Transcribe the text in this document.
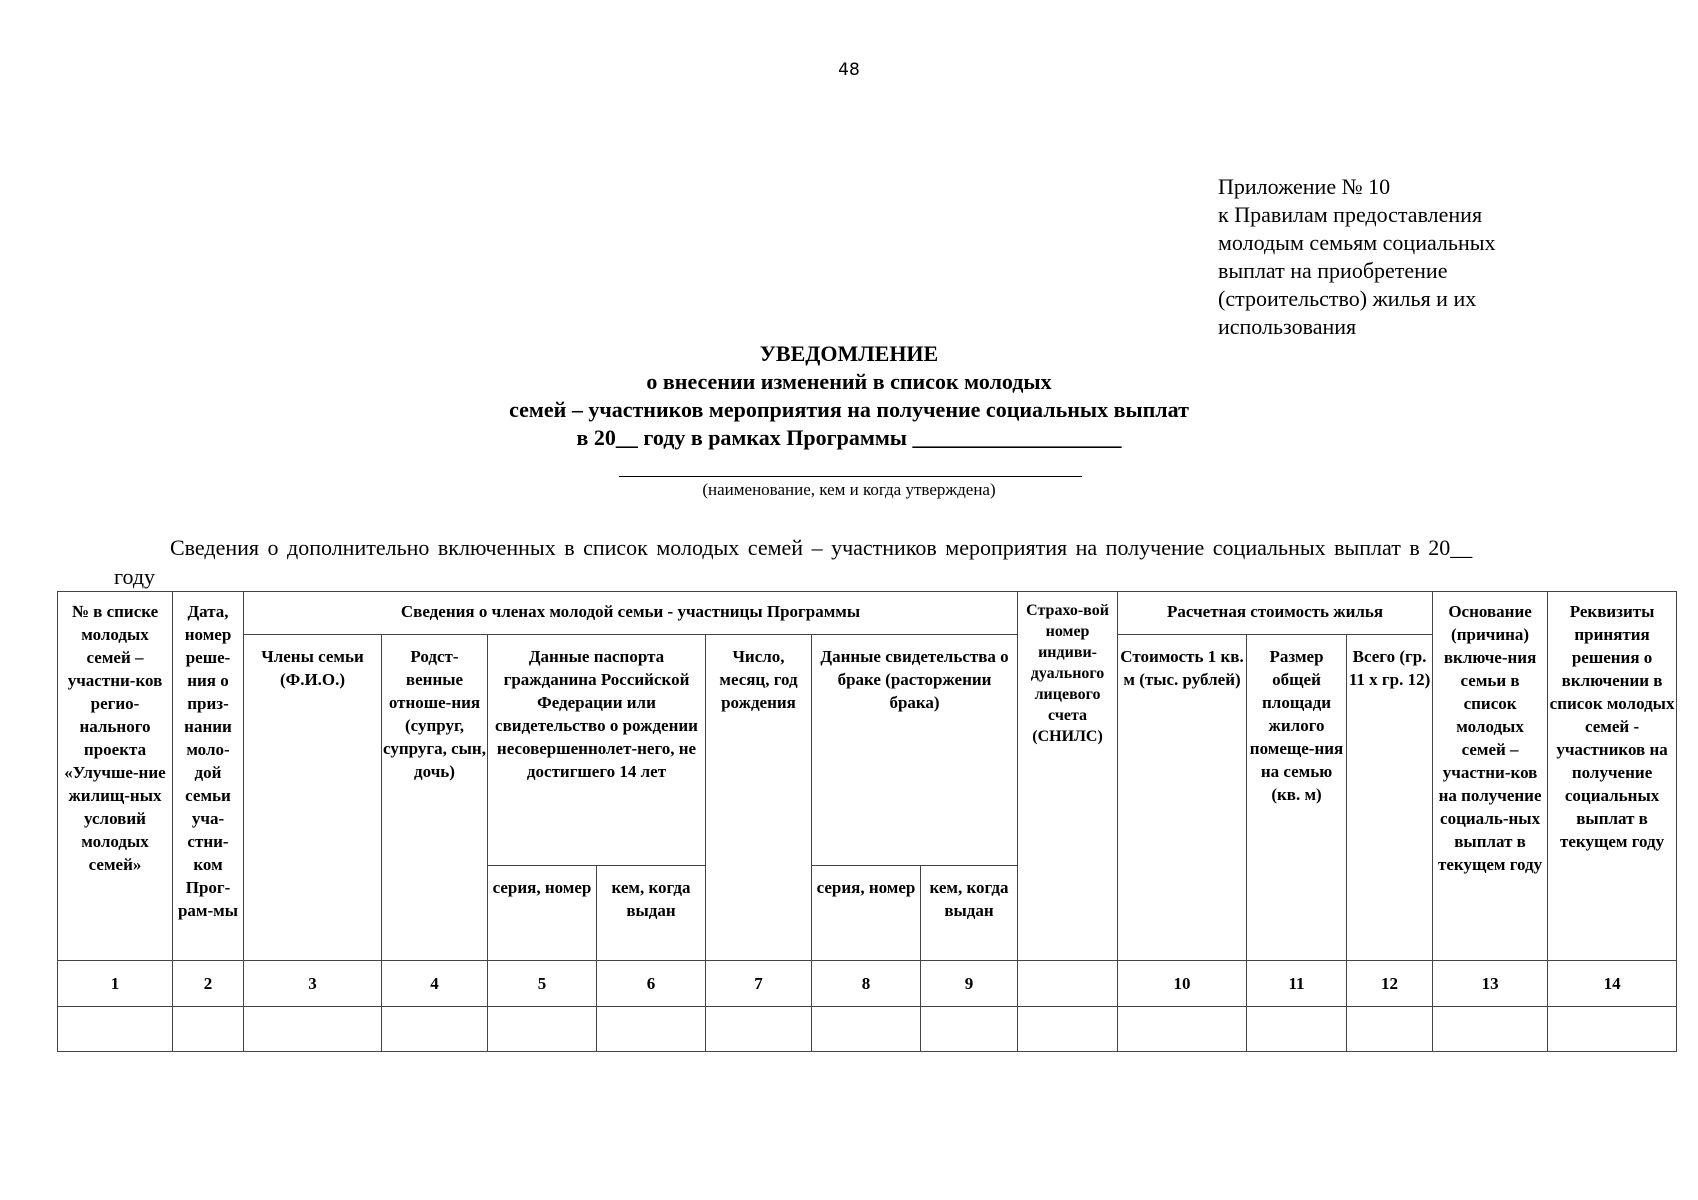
48
Приложение № 10
к Правилам предоставления
молодым семьям социальных
выплат на приобретение
(строительство) жилья и их
использования
УВЕДОМЛЕНИЕ
о внесении изменений в список молодых
семей – участников мероприятия на получение социальных выплат
в 20__ году в рамках Программы ___________________
(наименование, кем и когда утверждена)
Сведения о дополнительно включенных в список молодых семей – участников мероприятия на получение социальных выплат в 20__
году
№ в списке молодых семей – участни-ков регио-нального проекта «Улучше-ние жилищ-ных условий молодых семей»	Дата, номер реше-ния о приз-нании моло-дой семьи уча-стни-ком Прог-рам-мы	Сведения о членах молодой семьи - участницы Программы							Страхо-вой номер индиви-дуального лицевого счета (СНИЛС)	Расчетная стоимость жилья			Основание (причина) включе-ния семьи в список молодых семей – участни-ков на получение социаль-ных выплат в текущем году	Реквизиты принятия решения о включении в список молодых семей - участников на получение социальных выплат в текущем году
		Члены семьи (Ф.И.О.)	Родст-венные отноше-ния (супруг, супруга, сын, дочь)	Данные паспорта гражданина Российской Федерации или свидетельство о рождении несовершеннолет-него, не достигшего 14 лет		Число, месяц, год рождения	Данные свидетельства о браке (расторжении брака)			Стоимость 1 кв. м (тыс. рублей)	Размер общей площади жилого помеще-ния на семью (кв. м)	Всего (гр. 11 х гр. 12)		
				серия, номер	кем, когда выдан		серия, номер	кем, когда выдан						
1	2	3	4	5	6	7	8	9		10	11	12	13	14
